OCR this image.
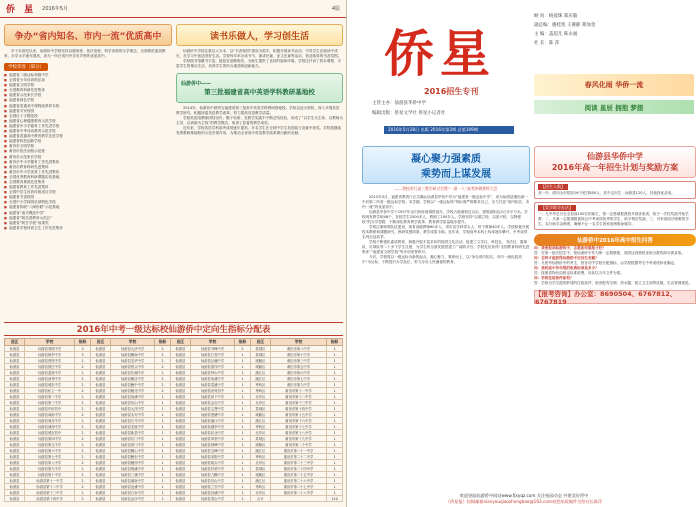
侨 星 2016年5月	4版
争办“省内知名、市内一流”优质高中

早于本世纪以来，仙游侨中学校坚持以德治校、依法治校、科学治校的办学理念，全面推进素质教育，办学水平逐年提高，成为一所在省内外享有声誉的优质高中。

学校荣誉（部分）
■ 福建省二级达标高级中学
■ 全国青少年体育俱乐部
■ 福建省文明学校
■ 全国教育科研先进集体
■ 福建省示范家长学校
■ 福建省绿色学校
■ 福建省普通高中课程改革样本校
■ 福建省平安校园
■ 全国红十字模范校
■ 福建省心理健康教育示范学校
■ 福建省中小学德育工作先进学校
■ 福建省中华诗词教育示范学校
■ 福建省普通高中教育教学先进学校
■ 福建省科技创新学校
■ 莆田市文明学校
■ 莆田市依法治校示范校
■ 莆田市示范家长学校
■ 莆田市中小学德育工作先进集体
■ 莆田市教育科研先进集体
■ 莆田市中小学美育工作先进集体
■ 全国优秀教育科研课题实验基地
■ 全国教育系统先进集体
■ 福建省教育工作先进集体
■ 全国中学生体育传统项目学校
■ 福建省书香校园
■ 全国中小学校园足球特色学校
■ 福建省侨联“八闽侨联”示范基地
■ 福建省“南平模范中学”
■ 福建省“阿拉善教育示范区”
■ 福建省“阿甘学校”成果奖
■ 福建省学校体育卫生工作先进集体
读书乐做人，学习创生活

仙游侨中学校注重以人为本，以“书香校园”建设为抓手，积极开展读书活动，引导学生在阅读中成长，在学习中创造美好生活。学校每年举办读书节、演讲比赛、征文比赛等活动，营造浓厚的书香氛围。

学校图书馆藏书丰富，阅览室宽敞明亮，为师生提供了良好的阅读环境。学校还开设了校本课程，丰富学生的课余生活，培养学生的综合素质和创新能力。

仙游侨中——
第三批福建省高中英语学科教研基地校

2014年，仙游侨中被列为福建省第三批高中英语学科教研基地校。学校以此为契机，深入开展英语教学研究，积极探索英语教学改革，努力提高英语教学质量。

学校英语组教师团结协作，勤于钻研，在教学实践中不断总结经验，形成了“以学生为主体、以教师为主导、以训练为主线”的教学模式，取得了显著的教学成效。

近年来，学校英语学科高考成绩逐年提高，多名学生在全国中学生英语能力竞赛中获奖。学校将继续发挥教研基地校的示范引领作用，为推动全省高中英语教学改革做出新的贡献。

2016年中考一级达标校仙游侨中定向生指标分配表
县区	学校	指标	县区	学校	指标	县区	学校	指标	县区	学校	指标
仙游县	仙游县郊尾中学	3	仙游县	仙游县大济中学	2	仙游县	仙游县书峰中学	2	荔城区	莆田市第八中学	1
仙游县	仙游县枫亭中学	3	仙游县	仙游县鲤南中学	2	仙游县	仙游县石苍中学	1	荔城区	莆田市第十中学	1
仙游县	仙游县度尾中学	2	仙游县	仙游县龙华中学	2	仙游县	仙游县社硎中学	1	城厢区	莆田市第三中学	1
仙游县	仙游县园庄中学	2	仙游县	仙游县榜头中学	2	仙游县	仙游县游洋中学	1	城厢区	莆田市第五中学	1
仙游县	仙游县盖尾中学	2	仙游县	仙游县东湖中学	2	仙游县	仙游县钟山中学	1	涵江区	莆田市第六中学	1
仙游县	仙游县西苑中学	2	仙游县	仙游县赖店中学	2	仙游县	仙游县象溪中学	1	涵江区	莆田市第七中学	1
仙游县	仙游县城东中学	2	仙游县	仙游县鲤中中学	2	仙游县	仙游县菜溪中学	1	秀屿区	莆田市第九中学	1
仙游县	仙游县私立一中	2	仙游县	仙游县鲤北中学	2	仙游县	仙游县西苑初中	1	秀屿区	莆田市第十一中学	1
仙游县	仙游县第二中学	2	仙游县	仙游县南溪中学	1	仙游县	仙游县坝下中学	1	北岸区	莆田市第十二中学	1
仙游县	仙游县第三中学	2	仙游县	仙游县凤山中学	1	仙游县	仙游县金石中学	1	北岸区	莆田市第十三中学	1
仙游县	仙游县华侨初中	2	仙游县	仙游县大洋中学	1	仙游县	仙游县文贤中学	1	荔城区	莆田市第十四中学	1
仙游县	仙游县城南中学	2	仙游县	仙游县永安中学	1	仙游县	仙游县莲塘中学	1	城厢区	莆田市第十五中学	1
仙游县	仙游县城北中学	2	仙游县	仙游县石马中学	1	仙游县	仙游县溪口中学	1	涵江区	莆田市第十六中学	1
仙游县	仙游县城西中学	2	仙游县	仙游县龙坂中学	1	仙游县	仙游县湖亭中学	1	秀屿区	莆田市第十七中学	1
仙游县	仙游县城东初中	2	仙游县	仙游县新县中学	1	仙游县	仙游县坑北中学	1	北岸区	莆田市第十八中学	1
仙游县	仙游县第四中学	2	仙游县	仙游县东门中学	1	仙游县	仙游县草堂中学	1	荔城区	莆田市第十九中学	1
仙游县	仙游县第五中学	2	仙游县	仙游县西门中学	1	仙游县	仙游县林峰中学	1	城厢区	莆田市第二十中学	1
仙游县	仙游县第六中学	2	仙游县	仙游县鲤山中学	1	仙游县	仙游县宝峰中学	1	涵江区	莆田市第二十一中学	1
仙游县	仙游县第七中学	2	仙游县	仙游县鲤东中学	1	仙游县	仙游县凤阳中学	1	秀屿区	莆田市第二十二中学	1
仙游县	仙游县第八中学	2	仙游县	仙游县鲤西中学	1	仙游县	仙游县坂头中学	1	北岸区	莆田市第二十三中学	1
仙游县	仙游县第九中学	2	仙游县	仙游县明溪中学	1	仙游县	仙游县杉尾中学	1	荔城区	莆田市第二十四中学	1
仙游县	仙游县第十中学	2	仙游县	仙游县三溪中学	1	仙游县	仙游县九鲤中学	1	城厢区	莆田市第二十五中学	1
仙游县	仙游县第十一中学	2	仙游县	仙游县溪南中学	1	仙游县	仙游县官山中学	1	涵江区	莆田市第二十六中学	1
仙游县	仙游县第十二中学	2	仙游县	仙游县沧溪中学	1	仙游县	仙游县兰石中学	1	秀屿区	莆田市第二十七中学	1
仙游县	仙游县第十三中学	2	仙游县	仙游县白岩中学	1	仙游县	仙游县莒溪中学	1	北岸区	莆田市第二十八中学	1
仙游县	仙游县第十四中学	2	仙游县	仙游县金沙中学	1	仙游县	仙游县香山中学	1	合计		120
侨星
2016招生专刊
主管主办：仙游县华侨中学
编辑出版：侨星文学社 侨星小记者社
2016年5月28日 出版 2016年第3期 总第109期
顾 问：杨爱珠 郑庆敏
副总编：谢桂煌 王赛静 郑加金
主 编：盖超凡 陈永福
社 长：陈 萍
春风化雨 华侨一流
阅读 星辰 拥抱 梦想
凝心聚力强素质
乘势而上谋发展
——我校举行高三教学研讨会暨“一面一人”高考冲刺誓师大会

2015年3月，福建省教育厅正式确认仙游县华侨中学为“福建省一级达标中学”，成为仙游县继仙游一中后第二所省一级达标学校。本学期，学校以“一级达标校”的标准严格要求自己，全力打造“省内知名、市内一流”的优质高中。

仙游县华侨中学于1957年由归侨侨眷捐资创办，学校占地面积近百亩，建筑面积达3万多平方米。学校现有教学班48个，在校学生2500多人，教职工200多人。学校坚持“以德立校、以质兴校、以特强校”的办学思路，不断深化教育教学改革，教育教学质量稳步提升。

学校注重师资队伍建设，现有高级教师60多人，省市县学科带头人、骨干教师40多人。学校积极开展校本教研和课题研究，教研氛围浓厚，教学成果丰硕。近年来，学校高考本科上线率逐年攀升，中考成绩名列全县前茅。

学校不断强化素质教育，积极开展丰富多彩的校园文化活动，组建了文学社、科技社、书法社、篮球队、足球队等二十多个学生社团，为学生的全面发展搭建了广阔的平台。学校先后获得“全国教育科研先进集体”“福建省文明学校”等多项荣誉称号。

今后，学校将以一级达标为新的起点，凝心聚力，乘势而上，以“争办省内知名、市内一流优质高中”为目标，不断提升办学品位，努力办好人民满意的教育。

仙游县华侨中学
2016年高一年招生计划与奖励方案
【招生人数】

高一年：面向全市招收16个班共800人，其中定向生：仙游县120人，其他择优录取。

【奖学助学办法】

一、凡中考总分在全县前100名的新生，第一志愿填报我校并被录取者，给予一次性奖励并免学费；二、凡第一志愿填报我校且中考成绩优秀的学生，给予相应奖励；三、对家庭经济困难的学生，实行助学金制度，确保不让一名学生因家庭困难而辍学。

仙游侨中2016年高中招生问答

问：我要报读仙游侨中，志愿如何填报才好？

答：在第一批次招生中，把仙游侨中作为第一志愿填报，成绩达到我校录取分数线即可被录取。

问：怎样才能获得仙游侨中定向生名额？

答：凡报考仙游侨中的考生，按各初中学校分配指标，由学校根据考生中考成绩择优确定。

问：我校高中各年级的收费标准是多少？

答：按照省物价局核定标准收费，具体以当年文件为准。

问：学校住宿条件如何？

答：学校为学生提供舒适的住宿条件，宿舍配有空调、热水器、独立卫生间等设施，生活管理规范。

【报考咨询】办公室：8690504、6767812、6767819
欢迎登陆仙游侨中网站www.fjxyqz.com 关注校园动态 共建美好侨中
《侨星报》投稿邮箱xianyouqiaozhongbao@163.com或把纸质稿件交给社长陈萍
